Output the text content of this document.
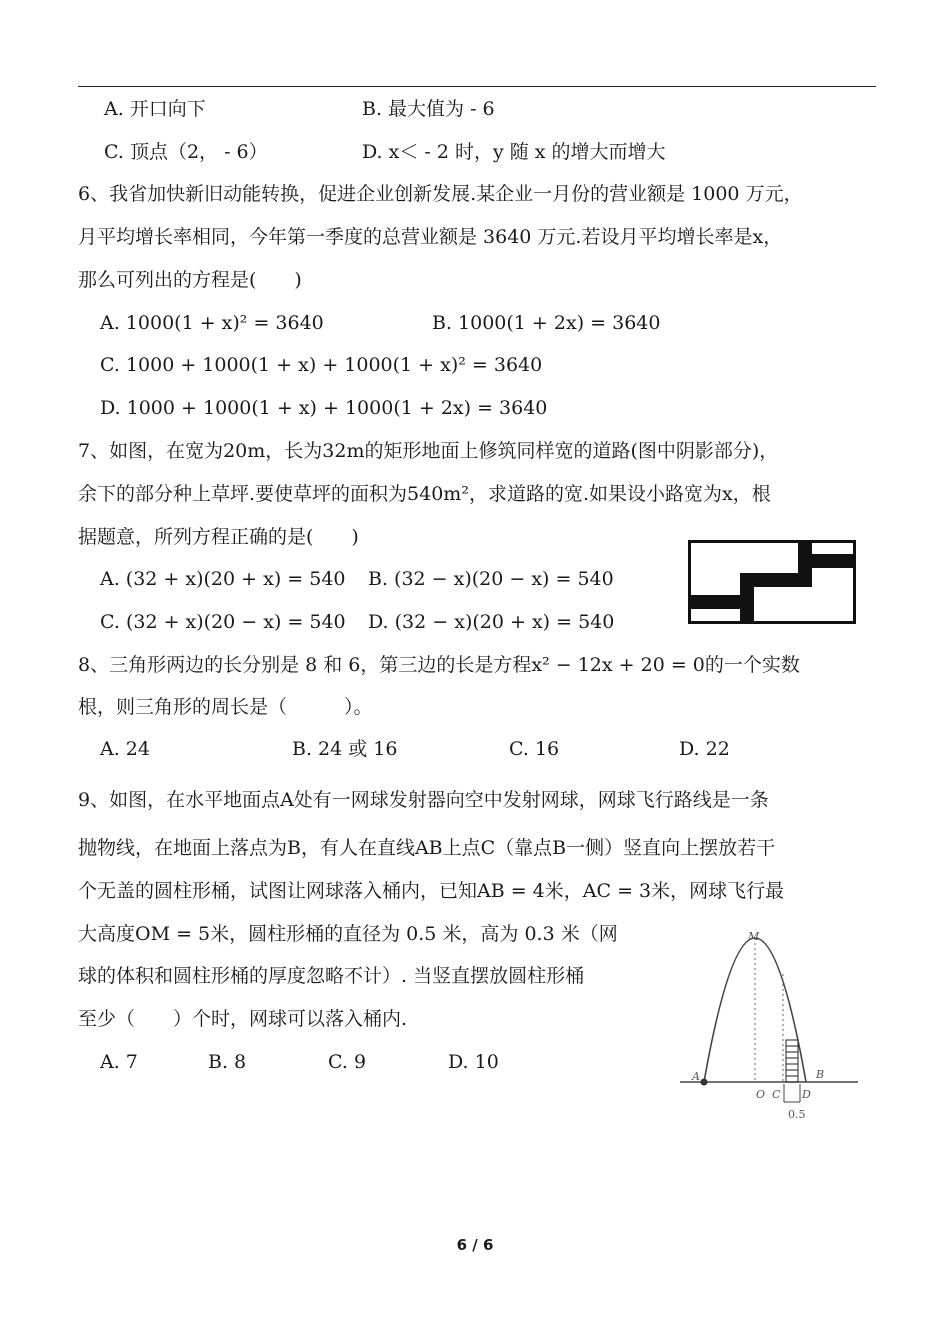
A. 开口向下	B. 最大值为 - 6
C. 顶点（2， - 6）	D. x＜ - 2 时，y 随 x 的增大而增大
6、我省加快新旧动能转换，促进企业创新发展.某企业一月份的营业额是 1000 万元，
月平均增长率相同，今年第一季度的总营业额是 3640 万元.若设月平均增长率是x，
那么可列出的方程是(　　)
A. 1000(1 + x)² = 3640	B. 1000(1 + 2x) = 3640
C. 1000 + 1000(1 + x) + 1000(1 + x)² = 3640
D. 1000 + 1000(1 + x) + 1000(1 + 2x) = 3640
7、如图，在宽为20m，长为32m的矩形地面上修筑同样宽的道路(图中阴影部分)，
余下的部分种上草坪.要使草坪的面积为540m²，求道路的宽.如果设小路宽为x，根
据题意，所列方程正确的是(　　)
A. (32 + x)(20 + x) = 540 B. (32 − x)(20 − x) = 540
C. (32 + x)(20 − x) = 540 D. (32 − x)(20 + x) = 540
8、三角形两边的长分别是 8 和 6，第三边的长是方程x² − 12x + 20 = 0的一个实数
根，则三角形的周长是（　　　）。
A. 24	B. 24 或 16	C. 16	D. 22
9、如图，在水平地面点A处有一网球发射器向空中发射网球，网球飞行路线是一条
抛物线，在地面上落点为B，有人在直线AB上点C（靠点B一侧）竖直向上摆放若干
个无盖的圆柱形桶，试图让网球落入桶内，已知AB = 4米，AC = 3米，网球飞行最
大高度OM = 5米，圆柱形桶的直径为 0.5 米，高为 0.3 米（网
球的体积和圆柱形桶的厚度忽略不计）. 当竖直摆放圆柱形桶
至少（　　）个时，网球可以落入桶内.
A. 7	B. 8	C. 9	D. 10
M
A
O C D
B
0.5
6 / 6
